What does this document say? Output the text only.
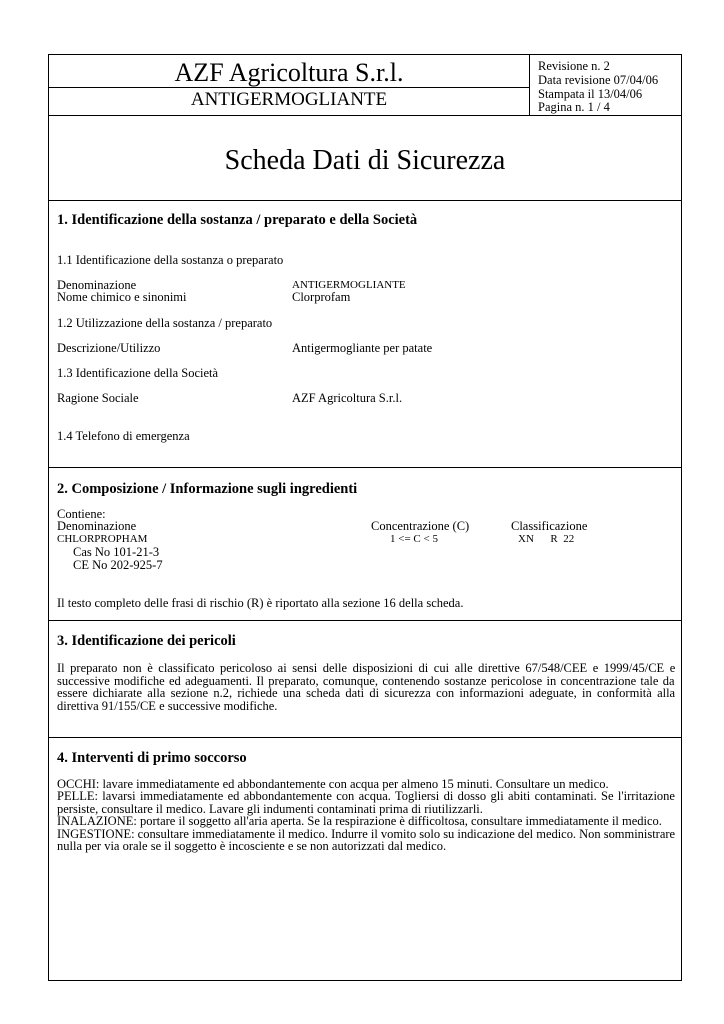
AZF Agricoltura S.r.l.
ANTIGERMOGLIANTE
Revisione n. 2
Data revisione 07/04/06
Stampata il 13/04/06
Pagina n. 1 / 4
Scheda Dati di Sicurezza
1. Identificazione della sostanza / preparato e della Società
1.1 Identificazione della sostanza o preparato
Denominazione	ANTIGERMOGLIANTE
Nome chimico e sinonimi	Clorprofam
1.2 Utilizzazione della sostanza / preparato
Descrizione/Utilizzo	Antigermogliante per patate
1.3 Identificazione della Società
Ragione Sociale	AZF Agricoltura S.r.l.
1.4 Telefono di emergenza
2. Composizione / Informazione sugli ingredienti
Contiene:
Denominazione	Concentrazione (C)	Classificazione
CHLORPROPHAM	1 <= C < 5	XN      R  22
Cas No 101-21-3
CE No 202-925-7
Il testo completo delle frasi di rischio (R) è riportato alla sezione 16 della scheda.
3. Identificazione dei pericoli
Il preparato non è classificato pericoloso ai sensi delle disposizioni di cui alle direttive 67/548/CEE e 1999/45/CE e
successive modifiche ed adeguamenti. Il preparato, comunque, contenendo sostanze pericolose in concentrazione tale da
essere dichiarate alla sezione n.2, richiede una scheda dati di sicurezza con informazioni adeguate, in conformità alla
direttiva 91/155/CE e successive modifiche.
4. Interventi di primo soccorso
OCCHI: lavare immediatamente ed abbondantemente con acqua per almeno 15 minuti. Consultare un medico.
PELLE: lavarsi immediatamente ed abbondantemente con acqua. Togliersi di dosso gli abiti contaminati. Se l'irritazione
persiste, consultare il medico. Lavare gli indumenti contaminati prima di riutilizzarli.
INALAZIONE: portare il soggetto all'aria aperta. Se la respirazione è difficoltosa, consultare immediatamente il medico.
INGESTIONE: consultare immediatamente il medico. Indurre il vomito solo su indicazione del medico. Non somministrare
nulla per via orale se il soggetto è incosciente e se non autorizzati dal medico.
